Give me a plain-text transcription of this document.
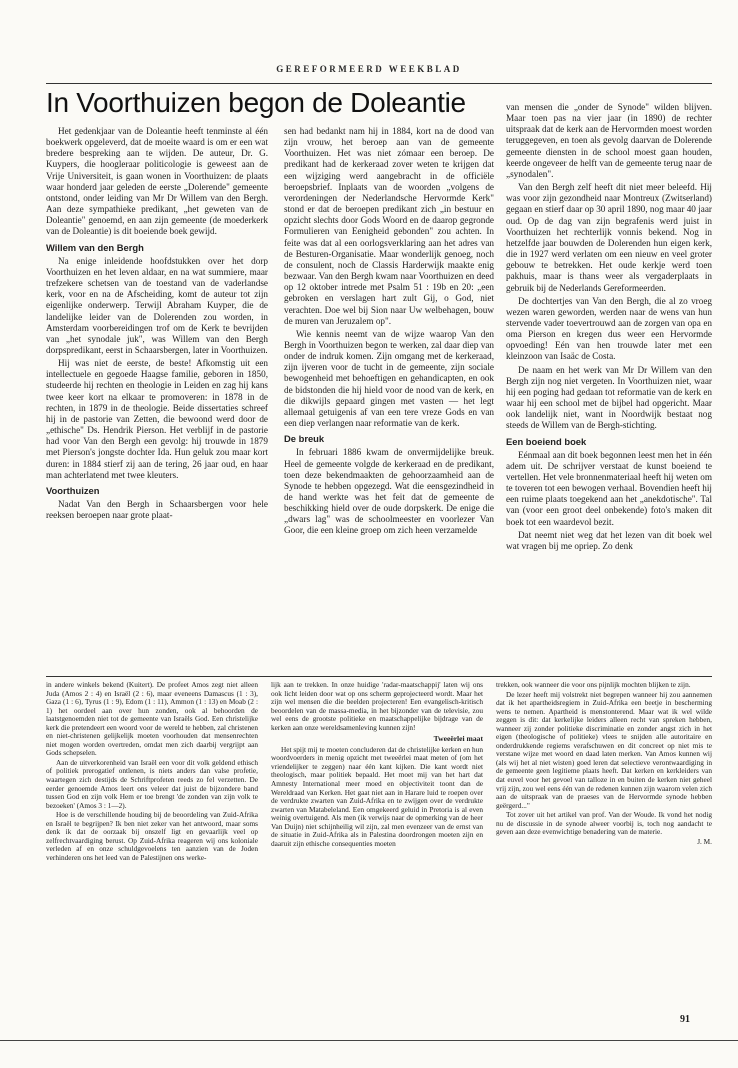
GEREFORMEERD WEEKBLAD
In Voorthuizen begon de Doleantie

Het gedenkjaar van de Doleantie heeft tenminste al één boekwerk opgeleverd, dat de moeite waard is om er een wat bredere bespreking aan te wijden. De auteur, Dr. G. Kuypers, die hoogleraar politicologie is geweest aan de Vrije Universiteit, is gaan wonen in Voorthuizen: de plaats waar honderd jaar geleden de eerste „Dolerende" gemeente ontstond, onder leiding van Mr Dr Willem van den Bergh. Aan deze sympathieke predikant, „het geweten van de Doleantie" genoemd, en aan zijn gemeente (de moederkerk van de Doleantie) is dit boeiende boek gewijd.

Willem van den Bergh

Na enige inleidende hoofdstukken over het dorp Voorthuizen en het leven aldaar, en na wat summiere, maar trefzekere schetsen van de toestand van de vaderlandse kerk, voor en na de Afscheiding, komt de auteur tot zijn eigenlijke onderwerp. Terwijl Abraham Kuyper, die de landelijke leider van de Dolerenden zou worden, in Amsterdam voorbereidingen trof om de Kerk te bevrijden van „het synodale juk", was Willem van den Bergh dorpspredikant, eerst in Schaarsbergen, later in Voorthuizen.

Hij was niet de eerste, de beste! Afkomstig uit een intellectuele en gegoede Haagse familie, geboren in 1850, studeerde hij rechten en theologie in Leiden en zag hij kans twee keer kort na elkaar te promoveren: in 1878 in de rechten, in 1879 in de theologie. Beide dissertaties schreef hij in de pastorie van Zetten, die bewoond werd door de „ethische" Ds. Hendrik Pierson. Het verblijf in de pastorie had voor Van den Bergh een gevolg: hij trouwde in 1879 met Pierson's jongste dochter Ida. Hun geluk zou maar kort duren: in 1884 stierf zij aan de tering, 26 jaar oud, en haar man achterlatend met twee kleuters.

Voorthuizen

Nadat Van den Bergh in Schaarsbergen voor hele reeksen beroepen naar grote plaat-

sen had bedankt nam hij in 1884, kort na de dood van zijn vrouw, het beroep aan van de gemeente Voorthuizen. Het was niet zómaar een beroep. De predikant had de kerkeraad zover weten te krijgen dat een wijziging werd aangebracht in de officiële beroepsbrief. Inplaats van de woorden „volgens de verordeningen der Nederlandsche Hervormde Kerk" stond er dat de beroepen predikant zich „in bestuur en opzicht slechts door Gods Woord en de daarop gegronde Formulieren van Eenigheid gebonden" zou achten. In feite was dat al een oorlogsverklaring aan het adres van de Besturen-Organisatie. Maar wonderlijk genoeg, noch de consulent, noch de Classis Harderwijk maakte enig bezwaar. Van den Bergh kwam naar Voorthuizen en deed op 12 oktober intrede met Psalm 51 : 19b en 20: „een gebroken en verslagen hart zult Gij, o God, niet verachten. Doe wel bij Sion naar Uw welbehagen, bouw de muren van Jeruzalem op".

Wie kennis neemt van de wijze waarop Van den Bergh in Voorthuizen begon te werken, zal daar diep van onder de indruk komen. Zijn omgang met de kerkeraad, zijn ijveren voor de tucht in de gemeente, zijn sociale bewogenheid met behoeftigen en gehandicapten, en ook de bidstonden die hij hield voor de nood van de kerk, en die dikwijls gepaard gingen met vasten — het legt allemaal getuigenis af van een tere vreze Gods en van een diep verlangen naar reformatie van de kerk.

De breuk

In februari 1886 kwam de onvermijdelijke breuk. Heel de gemeente volgde de kerkeraad en de predikant, toen deze bekendmaakten de gehoorzaamheid aan de Synode te hebben opgezegd. Wat die eensgezindheid in de hand werkte was het feit dat de gemeente de beschikking hield over de oude dorpskerk. De enige die „dwars lag" was de schoolmeester en voorlezer Van Goor, die een kleine groep om zich heen verzamelde

van mensen die „onder de Synode" wilden blijven. Maar toen pas na vier jaar (in 1890) de rechter uitspraak dat de kerk aan de Hervormden moest worden teruggegeven, en toen als gevolg daarvan de Dolerende gemeente diensten in de school moest gaan houden, keerde ongeveer de helft van de gemeente terug naar de „synodalen".

Van den Bergh zelf heeft dit niet meer beleefd. Hij was voor zijn gezondheid naar Montreux (Zwitserland) gegaan en stierf daar op 30 april 1890, nog maar 40 jaar oud. Op de dag van zijn begrafenis werd juist in Voorthuizen het rechterlijk vonnis bekend. Nog in hetzelfde jaar bouwden de Dolerenden hun eigen kerk, die in 1927 werd verlaten om een nieuw en veel groter gebouw te betrekken. Het oude kerkje werd toen pakhuis, maar is thans weer als vergaderplaats in gebruik bij de Nederlands Gereformeerden.

De dochtertjes van Van den Bergh, die al zo vroeg wezen waren geworden, werden naar de wens van hun stervende vader toevertrouwd aan de zorgen van opa en oma Pierson en kregen dus weer een Hervormde opvoeding! Eén van hen trouwde later met een kleinzoon van Isaäc de Costa.

De naam en het werk van Mr Dr Willem van den Bergh zijn nog niet vergeten. In Voorthuizen niet, waar hij een poging had gedaan tot reformatie van de kerk en waar hij een school met de bijbel had opgericht. Maar ook landelijk niet, want in Noordwijk bestaat nog steeds de Willem van de Bergh-stichting.

Een boeiend boek

Eénmaal aan dit boek begonnen leest men het in één adem uit. De schrijver verstaat de kunst boeiend te vertellen. Het vele bronnenmateriaal heeft hij weten om te toveren tot een bewogen verhaal. Bovendien heeft hij een ruime plaats toegekend aan het „anekdotische". Tal van (voor een groot deel onbekende) foto's maken dit boek tot een waardevol bezit.

Dat neemt niet weg dat het lezen van dit boek wel wat vragen bij me opriep. Zo denk

in andere winkels bekend (Kuitert). De profeet Amos zegt niet alleen Juda (Amos 2 : 4) en Israël (2 : 6), maar eveneens Damascus (1 : 3), Gaza (1 : 6), Tyrus (1 : 9), Edom (1 : 11), Ammon (1 : 13) en Moab (2 : 1) het oordeel aan over hun zonden, ook al behoorden de laatstgenoemden niet tot de gemeente van Israëls God. Een christelijke kerk die pretendeert een woord voor de wereld te hebben, zal christenen en niet-christenen gelijkelijk moeten voorhouden dat mensenrechten niet mogen worden overtreden, omdat men zich daarbij vergrijpt aan Gods schepselen.

Aan de uitverkorenheid van Israël een voor dit volk geldend ethisch of politiek prerogatief ontlenen, is niets anders dan valse profetie, waartegen zich destijds de Schriftprofeten reeds zo fel verzetten. De eerder genoemde Amos leert ons veleer dat juist de bijzondere band tussen God en zijn volk Hem er toe brengt 'de zonden van zijn volk te bezoeken' (Amos 3 : 1—2).

Hoe is de verschillende houding bij de beoordeling van Zuid-Afrika en Israël te begrijpen? Ik ben niet zeker van het antwoord, maar soms denk ik dat de oorzaak bij onszelf ligt en gevaarlijk veel op zelfrechtvaardiging berust. Op Zuid-Afrika reageren wij ons koloniale verleden af en onze schuldgevoelens ten aanzien van de Joden verhinderen ons het leed van de Palestijnen ons werke-

lijk aan te trekken. In onze huidige 'radar-maatschappij' laten wij ons ook licht leiden door wat op ons scherm geprojecteerd wordt. Maar het zijn wel mensen die die beelden projecteren! Een evangelisch-kritisch beoordelen van de massa-media, in het bijzonder van de televisie, zou wel eens de grootste politieke en maatschappelijke bijdrage van de kerken aan onze wereldsamenleving kunnen zijn!

Tweeërlei maat

Het spijt mij te moeten concluderen dat de christelijke kerken en hun woordvoerders in menig opzicht met tweeërlei maat meten of (om het vriendelijker te zeggen) naar één kant kijken. Die kant wordt niet theologisch, maar politiek bepaald. Het moet mij van het hart dat Amnesty International meer moed en objectiviteit toont dan de Wereldraad van Kerken. Het gaat niet aan in Harare luid te roepen over de verdrukte zwarten van Zuid-Afrika en te zwijgen over de verdrukte zwarten van Matabeleland. Een omgekeerd geluid in Pretoria is al even weinig overtuigend. Als men (ik verwijs naar de opmerking van de heer Van Duijn) niet schijnheilig wil zijn, zal men evenzeer van de ernst van de situatie in Zuid-Afrika als in Palestina doordrongen moeten zijn en daaruit zijn ethische consequenties moeten

trekken, ook wanneer die voor ons pijnlijk mochten blijken te zijn.

De lezer heeft mij volstrekt niet begrepen wanneer hij zou aannemen dat ik het apartheidsregiem in Zuid-Afrika een beetje in bescherming wens te nemen. Apartheid is menstonterend. Maar wat ik wel wilde zeggen is dit: dat kerkelijke leiders alleen recht van spreken hebben, wanneer zij zonder politieke discriminatie en zonder angst zich in het eigen (theologische of politieke) vlees te snijden alle autoritaire en onderdrukkende regiems verafschuwen en dit concreet op niet mis te verstane wijze met woord en daad laten merken. Van Amos kunnen wij (als wij het al niet wisten) goed leren dat selectieve verontwaardiging in de gemeente geen legitieme plaats heeft. Dat kerken en kerkleiders van dat euvel voor het gevoel van talloze in en buiten de kerken niet geheel vrij zijn, zou wel eens één van de redenen kunnen zijn waarom velen zich aan de uitspraak van de praeses van de Hervormde synode hebben geërgerd..."

Tot zover uit het artikel van prof. Van der Woude. Ik vond het nodig nu de discussie in de synode alweer voorbij is, toch nog aandacht te geven aan deze evenwichtige benadering van de materie.

J. M.
91
